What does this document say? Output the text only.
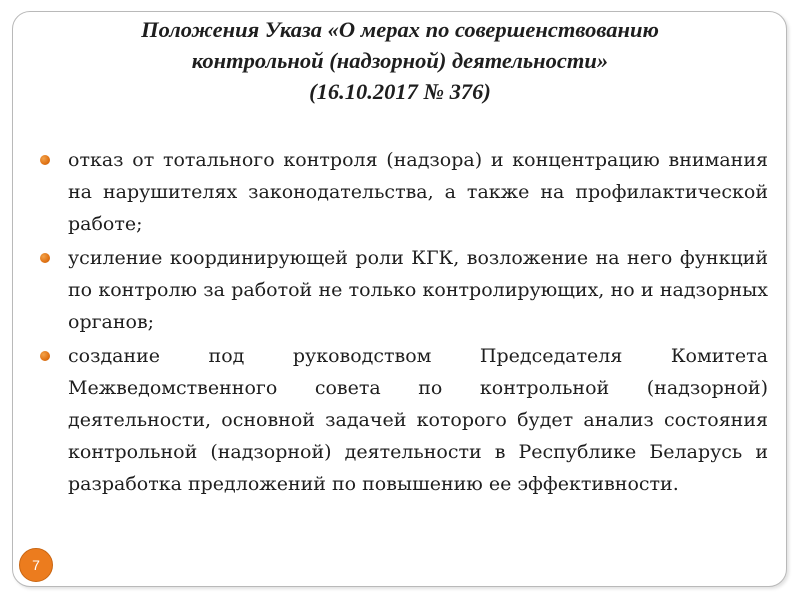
Положения Указа «О мерах по совершенствованию
контрольной (надзорной) деятельности»
(16.10.2017 № 376)
отказ от тотального контроля (надзора) и концентрацию внимания на нарушителях законодательства, а также на профилактической работе;
усиление координирующей роли КГК, возложение на него функций по контролю за работой не только контролирующих, но и надзорных органов;
создание под руководством Председателя Комитета Межведомственного совета по контрольной (надзорной) деятельности, основной задачей которого будет анализ состояния контрольной (надзорной) деятельности в Республике Беларусь и разработка предложений по повышению ее эффективности.
7
